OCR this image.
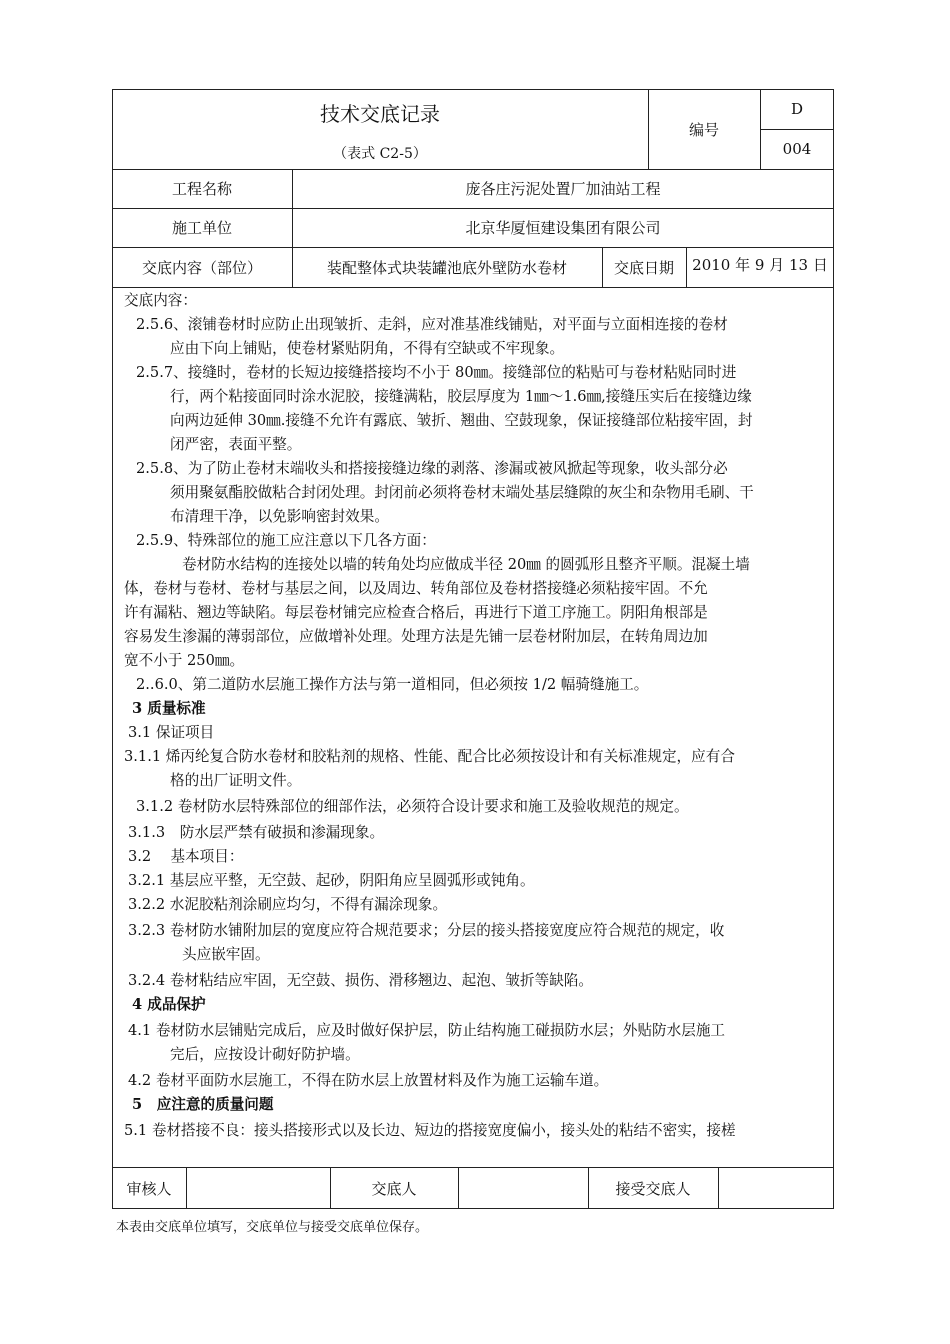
技术交底记录
（表式 C2-5）
编号
D
004
工程名称	庞各庄污泥处置厂加油站工程
施工单位	北京华厦恒建设集团有限公司
交底内容（部位）	装配整体式块装罐池底外壁防水卷材	交底日期	2010 年 9 月 13 日
交底内容：
2.5.6、滚铺卷材时应防止出现皱折、走斜，应对准基准线铺贴，对平面与立面相连接的卷材
应由下向上铺贴，使卷材紧贴阴角，不得有空缺或不牢现象。
2.5.7、接缝时，卷材的长短边接缝搭接均不小于 80㎜。接缝部位的粘贴可与卷材粘贴同时进
行，两个粘接面同时涂水泥胶，接缝满粘，胶层厚度为 1㎜～1.6㎜,接缝压实后在接缝边缘
向两边延伸 30㎜.接缝不允许有露底、皱折、翘曲、空鼓现象，保证接缝部位粘接牢固，封
闭严密，表面平整。
2.5.8、为了防止卷材末端收头和搭接接缝边缘的剥落、渗漏或被风掀起等现象，收头部分必
须用聚氨酯胶做粘合封闭处理。封闭前必须将卷材末端处基层缝隙的灰尘和杂物用毛刷、干
布清理干净，以免影响密封效果。
2.5.9、特殊部位的施工应注意以下几各方面：
卷材防水结构的连接处以墙的转角处均应做成半径 20㎜ 的圆弧形且整齐平顺。混凝土墙
体，卷材与卷材、卷材与基层之间，以及周边、转角部位及卷材搭接缝必须粘接牢固。不允
许有漏粘、翘边等缺陷。每层卷材铺完应检查合格后，再进行下道工序施工。阴阳角根部是
容易发生渗漏的薄弱部位，应做增补处理。处理方法是先铺一层卷材附加层，在转角周边加
宽不小于 250㎜。
2..6.0、第二道防水层施工操作方法与第一道相同，但必须按 1/2 幅骑缝施工。
3 质量标准
3.1 保证项目
3.1.1 烯丙纶复合防水卷材和胶粘剂的规格、性能、配合比必须按设计和有关标准规定，应有合
格的出厂证明文件。
3.1.2 卷材防水层特殊部位的细部作法，必须符合设计要求和施工及验收规范的规定。
3.1.3　防水层严禁有破损和渗漏现象。
3.2　 基本项目：
3.2.1 基层应平整，无空鼓、起砂，阴阳角应呈圆弧形或钝角。
3.2.2 水泥胶粘剂涂刷应均匀，不得有漏涂现象。
3.2.3 卷材防水铺附加层的宽度应符合规范要求；分层的接头搭接宽度应符合规范的规定，收
头应嵌牢固。
3.2.4 卷材粘结应牢固，无空鼓、损伤、滑移翘边、起泡、皱折等缺陷。
4 成品保护
4.1 卷材防水层铺贴完成后，应及时做好保护层，防止结构施工碰损防水层；外贴防水层施工
完后，应按设计砌好防护墙。
4.2 卷材平面防水层施工，不得在防水层上放置材料及作为施工运输车道。
5　应注意的质量问题
5.1 卷材搭接不良：接头搭接形式以及长边、短边的搭接宽度偏小，接头处的粘结不密实，接槎
审核人	交底人	接受交底人
本表由交底单位填写，交底单位与接受交底单位保存。
